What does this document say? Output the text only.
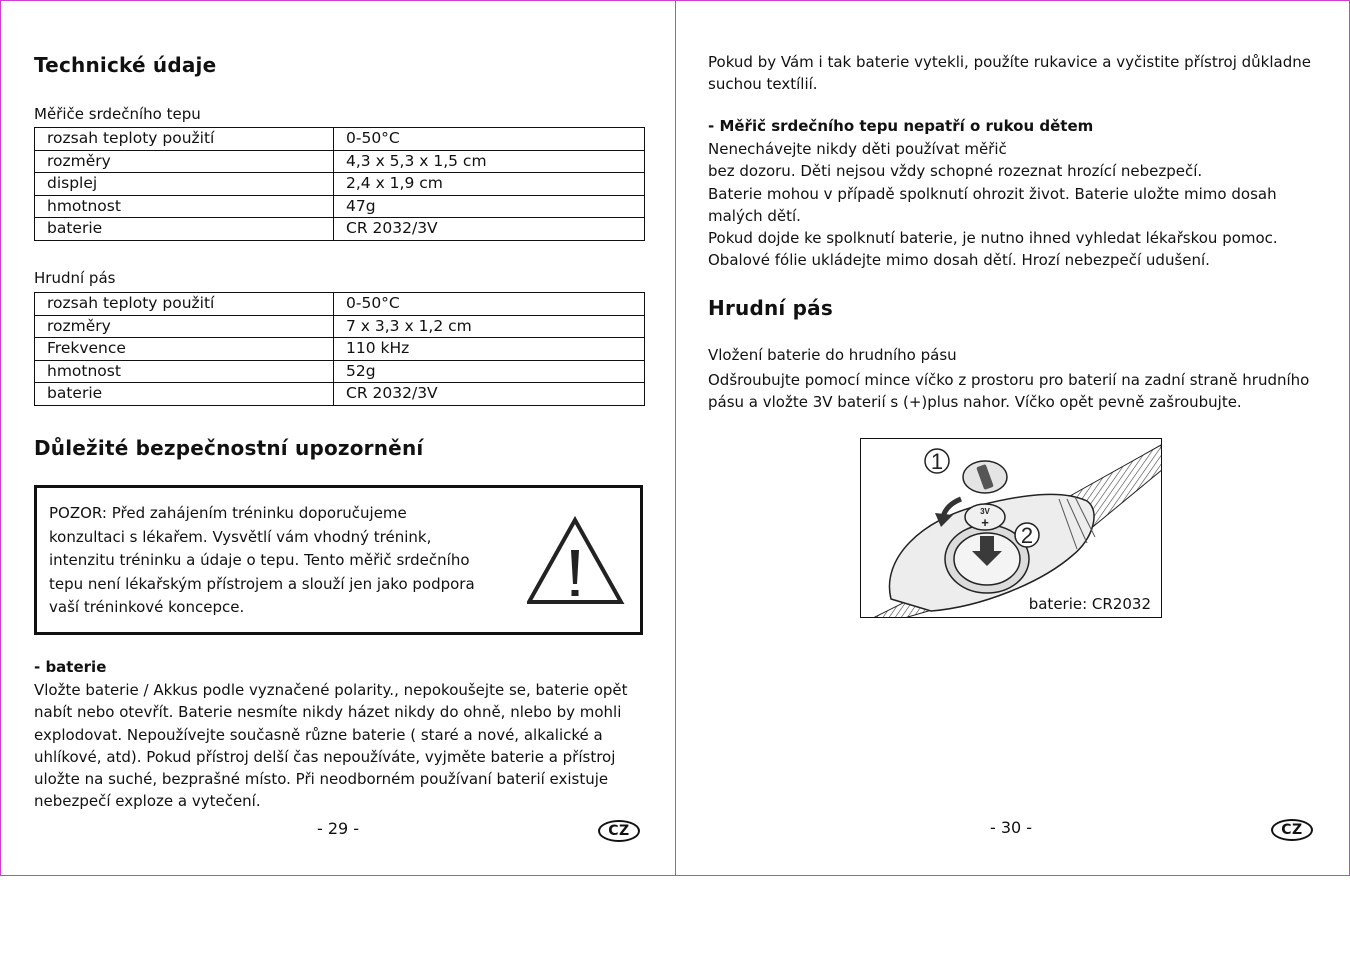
Technické údaje
Měřiče srdečního tepu
rozsah teploty použití	0-50°C
rozměry	4,3 x 5,3 x 1,5 cm
displej	2,4 x 1,9 cm
hmotnost	47g
baterie	CR 2032/3V
Hrudní pás
rozsah teploty použití	0-50°C
rozměry	7 x 3,3 x 1,2 cm
Frekvence	110 kHz
hmotnost	52g
baterie	CR 2032/3V
Důležité bezpečnostní upozornění
POZOR: Před zahájením tréninku doporučujeme
konzultaci s lékařem. Vysvětlí vám vhodný trénink,
intenzitu tréninku a údaje o tepu. Tento měřič srdečního
tepu není lékařským přístrojem a slouží jen jako podpora
vaší tréninkové koncepce.
- baterie
Vložte baterie / Akkus podle vyznačené polarity., nepokoušejte se, baterie opět
nabít nebo otevřít. Baterie nesmíte nikdy házet nikdy do ohně, nlebo by mohli
explodovat. Nepoužívejte současně různe baterie ( staré a nové, alkalické a
uhlíkové, atd). Pokud přístroj delší čas nepoužíváte, vyjměte baterie a přístroj
uložte na suché, bezprašné místo. Při neodborném používaní baterií existuje
nebezpečí exploze a vytečení.
- 29 -	CZ
Pokud by Vám i tak baterie vytekli, použíte rukavice a vyčistite přístroj důkladne
suchou textílií.
- Měřič srdečního tepu nepatří o rukou dětem
Nenechávejte nikdy děti používat měřič
bez dozoru. Děti nejsou vždy schopné rozeznat hrozící nebezpečí.
Baterie mohou v případě spolknutí ohrozit život. Baterie uložte mimo dosah
malých dětí.
Pokud dojde ke spolknutí baterie, je nutno ihned vyhledat lékařskou pomoc.
Obalové fólie ukládejte mimo dosah dětí. Hrozí nebezpečí udušení.
Hrudní pás
Vložení baterie do hrudního pásu
Odšroubujte pomocí mince víčko z prostoru pro baterií na zadní straně hrudního
pásu a vložte 3V baterií s (+)plus nahor. Víčko opět pevně zašroubujte.
1
2
3V
+
baterie: CR2032
- 30 -	CZ
